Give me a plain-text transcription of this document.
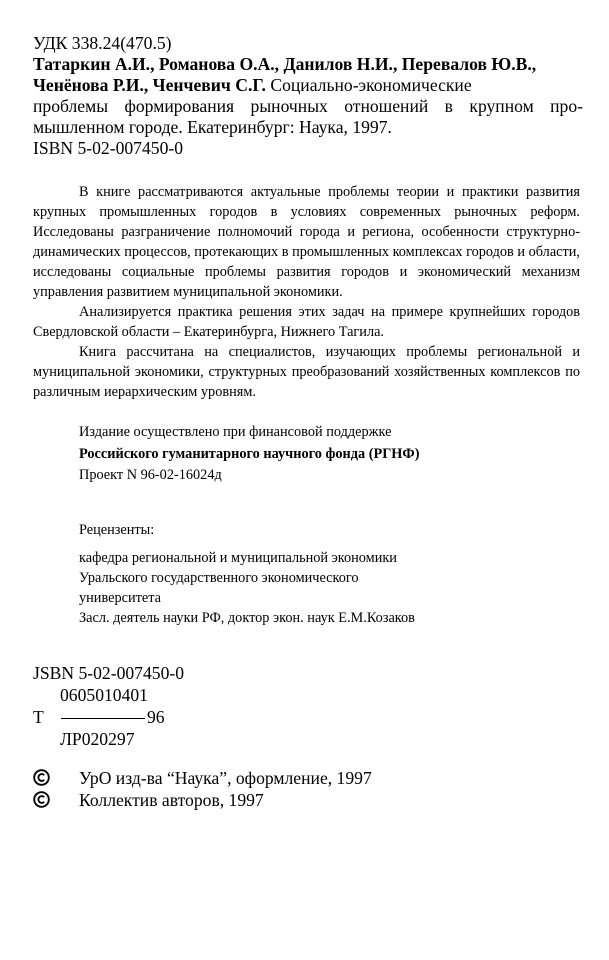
УДК 338.24(470.5)
Татаркин А.И., Романова О.А., Данилов Н.И., Перевалов Ю.В.,
Ченёнова Р.И., Ченчевич С.Г. Социально-экономические
проблемы формирования рыночных отношений в крупном про-
мышленном городе. Екатеринбург: Наука, 1997.
ISBN 5-02-007450-0

В книге рассматриваются актуальные проблемы теории и практики развития крупных промышленных городов в условиях современных рыночных реформ. Исследованы разграничение полномочий города и региона, особенности структурно-динамических процессов, протекающих в промышленных комплексах городов и области, исследованы социальные проблемы развития городов и экономический механизм управления развитием муниципальной экономики.

Анализируется практика решения этих задач на примере крупнейших городов Свердловской области – Екатеринбурга, Нижнего Тагила.

Книга рассчитана на специалистов, изучающих проблемы региональной и муниципальной экономики, структурных преобразований хозяйственных комплексов по различным иерархическим уровням.

Издание осуществлено при финансовой поддержке
Российского гуманитарного научного фонда (РГНФ)
Проект N 96-02-16024д
Рецензенты:
кафедра региональной и муниципальной экономики
Уральского государственного экономического
университета
Засл. деятель науки РФ, доктор экон. наук Е.М.Козаков
JSBN 5-02-007450-0
0605010401
Т	96
ЛР020297
УрО изд-ва “Наука”, оформление, 1997
Коллектив авторов, 1997
